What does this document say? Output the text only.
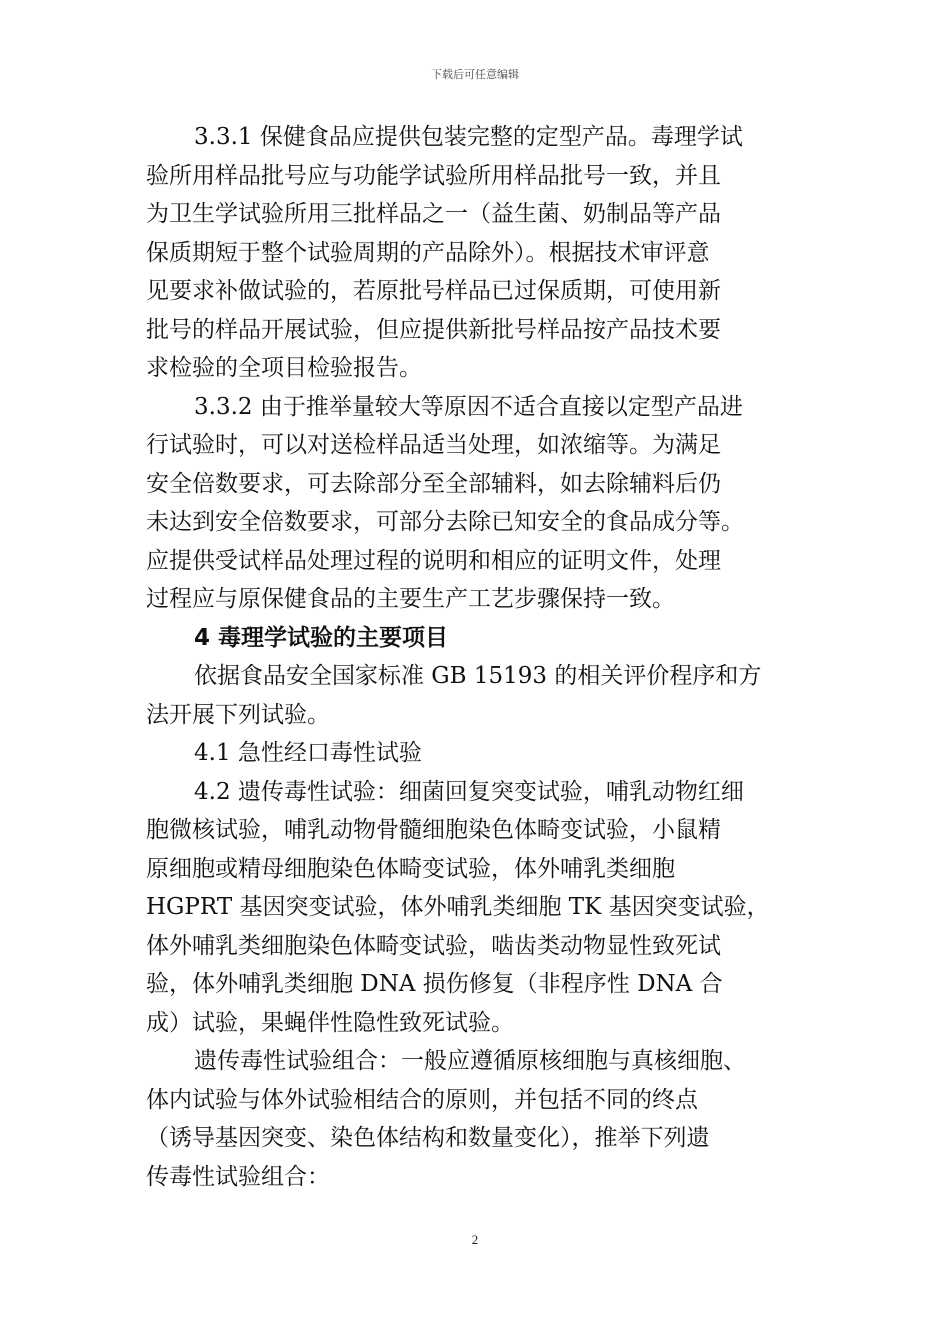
下载后可任意编辑
3.3.1 保健食品应提供包装完整的定型产品。毒理学试
验所用样品批号应与功能学试验所用样品批号一致，并且
为卫生学试验所用三批样品之一（益生菌、奶制品等产品
保质期短于整个试验周期的产品除外）。根据技术审评意
见要求补做试验的，若原批号样品已过保质期，可使用新
批号的样品开展试验，但应提供新批号样品按产品技术要
求检验的全项目检验报告。
3.3.2 由于推举量较大等原因不适合直接以定型产品进
行试验时，可以对送检样品适当处理，如浓缩等。为满足
安全倍数要求，可去除部分至全部辅料，如去除辅料后仍
未达到安全倍数要求，可部分去除已知安全的食品成分等。
应提供受试样品处理过程的说明和相应的证明文件，处理
过程应与原保健食品的主要生产工艺步骤保持一致。
4 毒理学试验的主要项目
依据食品安全国家标准 GB 15193 的相关评价程序和方
法开展下列试验。
4.1 急性经口毒性试验
4.2 遗传毒性试验：细菌回复突变试验，哺乳动物红细
胞微核试验，哺乳动物骨髓细胞染色体畸变试验，小鼠精
原细胞或精母细胞染色体畸变试验，体外哺乳类细胞
HGPRT 基因突变试验，体外哺乳类细胞 TK 基因突变试验，
体外哺乳类细胞染色体畸变试验，啮齿类动物显性致死试
验，体外哺乳类细胞 DNA 损伤修复（非程序性 DNA 合
成）试验，果蝇伴性隐性致死试验。
遗传毒性试验组合：一般应遵循原核细胞与真核细胞、
体内试验与体外试验相结合的原则，并包括不同的终点
（诱导基因突变、染色体结构和数量变化），推举下列遗
传毒性试验组合：
2
